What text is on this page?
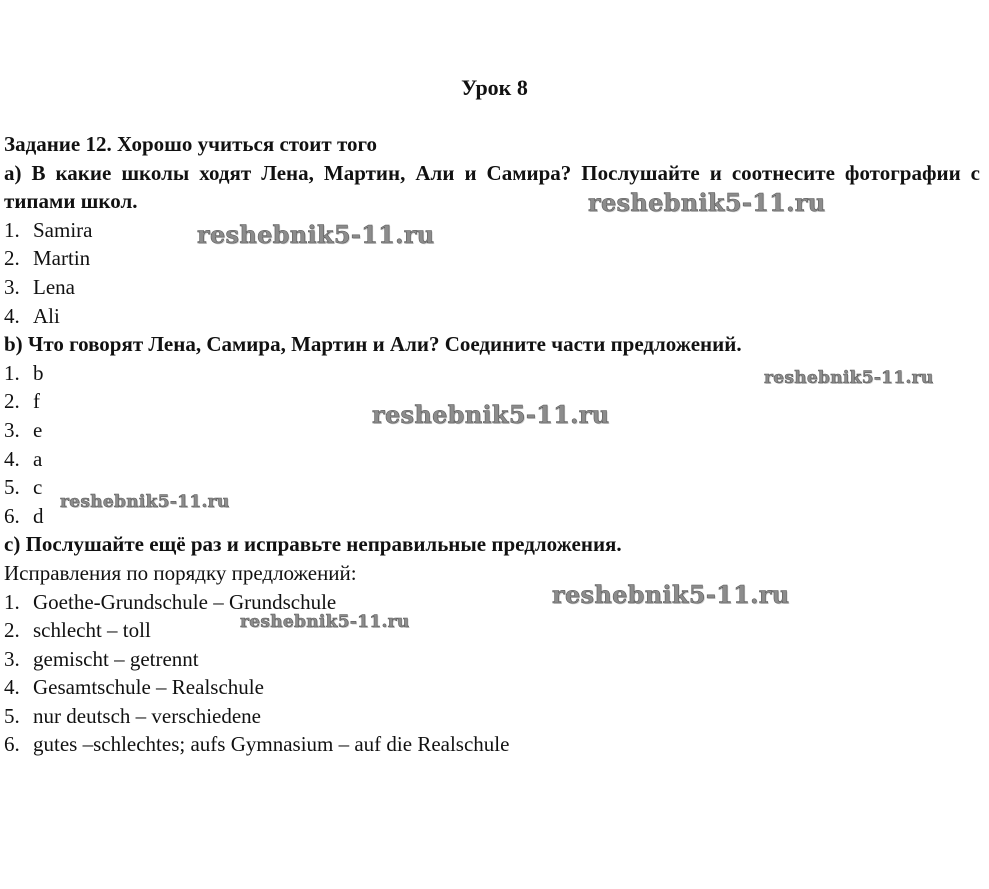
Урок 8
Задание 12. Хорошо учиться стоит того
а) В какие школы ходят Лена, Мартин, Али и Самира? Послушайте и соотнесите фотографии с типами школ.
1. Samira
2. Martin
3. Lena
4. Ali
b) Что говорят Лена, Самира, Мартин и Али? Соедините части предложений.
1. b
2. f
3. e
4. a
5. c
6. d
c) Послушайте ещё раз и исправьте неправильные предложения.
Исправления по порядку предложений:
1. Goethe-Grundschule – Grundschule
2. schlecht – toll
3. gemischt – getrennt
4. Gesamtschule – Realschule
5. nur deutsch – verschiedene
6. gutes –schlechtes; aufs Gymnasium – auf die Realschule
reshebnik5-11.ru
reshebnik5-11.ru
reshebnik5-11.ru
reshebnik5-11.ru
reshebnik5-11.ru
reshebnik5-11.ru
reshebnik5-11.ru
